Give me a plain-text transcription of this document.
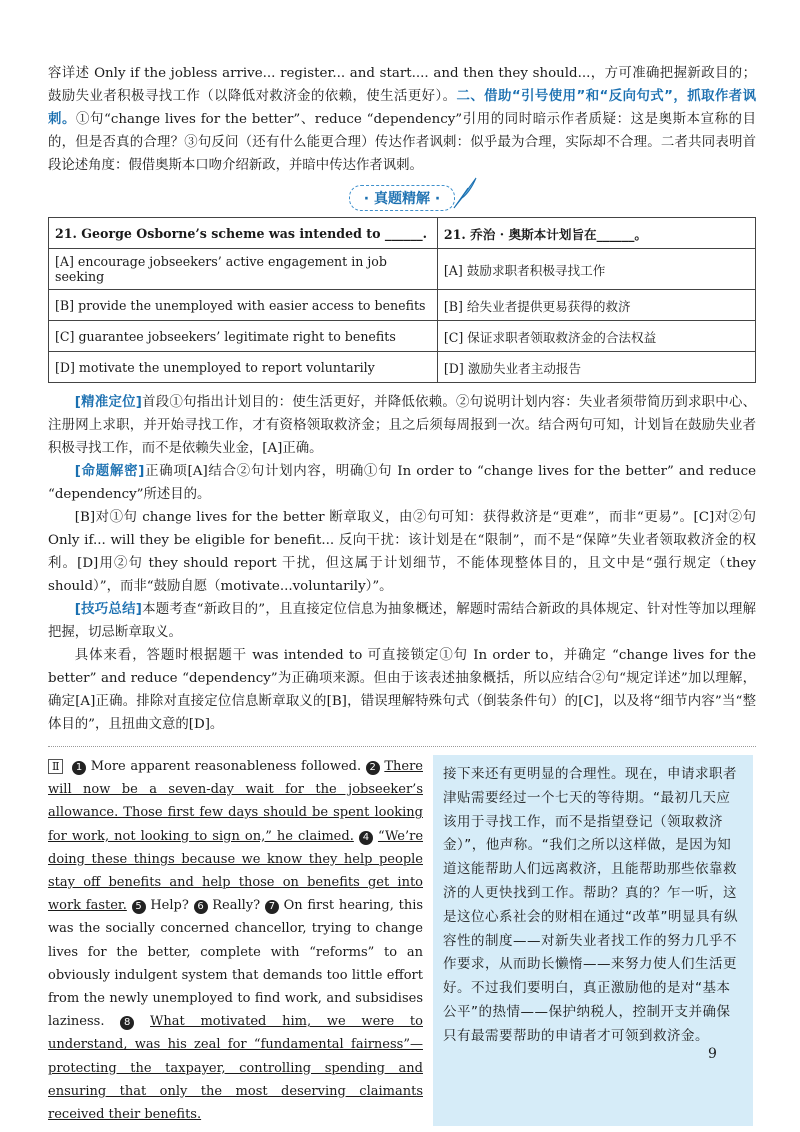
容详述 Only if the jobless arrive... register... and start.... and then they should...，方可准确把握新政目的；鼓励失业者积极寻找工作（以降低对救济金的依赖，使生活更好）。二、借助“引号使用”和“反向句式”，抓取作者讽刺。①句“change lives for the better”、reduce “dependency”引用的同时暗示作者质疑：这是奥斯本宣称的目的，但是否真的合理？③句反问（还有什么能更合理）传达作者讽刺：似乎最为合理，实际却不合理。二者共同表明首段论述角度：假借奥斯本口吻介绍新政，并暗中传达作者讽刺。

· 真题精解 ·
21. George Osborne’s scheme was intended to ______.	21. 乔治 · 奥斯本计划旨在______。
[A] encourage jobseekers’ active engagement in job seeking	[A] 鼓励求职者积极寻找工作
[B] provide the unemployed with easier access to benefits	[B] 给失业者提供更易获得的救济
[C] guarantee jobseekers’ legitimate right to benefits	[C] 保证求职者领取救济金的合法权益
[D] motivate the unemployed to report voluntarily	[D] 激励失业者主动报告

[精准定位]首段①句指出计划目的：使生活更好，并降低依赖。②句说明计划内容：失业者须带简历到求职中心、注册网上求职，并开始寻找工作，才有资格领取救济金；且之后须每周报到一次。结合两句可知，计划旨在鼓励失业者积极寻找工作，而不是依赖失业金，[A]正确。

[命题解密]正确项[A]结合②句计划内容，明确①句 In order to “change lives for the better” and reduce “dependency”所述目的。

[B]对①句 change lives for the better 断章取义，由②句可知：获得救济是“更难”，而非“更易”。[C]对②句 Only if... will they be eligible for benefit... 反向干扰：该计划是在“限制”，而不是“保障”失业者领取救济金的权利。[D]用②句 they should report 干扰，但这属于计划细节，不能体现整体目的，且文中是“强行规定（they should）”，而非“鼓励自愿（motivate...voluntarily）”。

[技巧总结]本题考查“新政目的”，且直接定位信息为抽象概述，解题时需结合新政的具体规定、针对性等加以理解把握，切忌断章取义。

具体来看，答题时根据题干 was intended to 可直接锁定①句 In order to，并确定 “change lives for the better” and reduce “dependency”为正确项来源。但由于该表述抽象概括，所以应结合②句“规定详述”加以理解，确定[A]正确。排除对直接定位信息断章取义的[B]，错误理解特殊句式（倒装条件句）的[C]，以及将“细节内容”当“整体目的”，且扭曲文意的[D]。

Ⅱ 1 More apparent reasonableness followed. 2 There will now be a seven-day wait for the jobseeker’s allowance. Those first few days should be spent looking for work, not looking to sign on,” he claimed. 4 “We’re doing these things because we know they help people stay off benefits and help those on benefits get into work faster. 5 Help? 6 Really? 7 On first hearing, this was the socially concerned chancellor, trying to change lives for the better, complete with “reforms” to an obviously indulgent system that demands too little effort from the newly unemployed to find work, and subsidises laziness. 8 What motivated him, we were to understand, was his zeal for “fundamental fairness”— protecting the taxpayer, controlling spending and ensuring that only the most deserving claimants received their benefits.
接下来还有更明显的合理性。现在，申请求职者津贴需要经过一个七天的等待期。“最初几天应该用于寻找工作，而不是指望登记（领取救济金）”，他声称。“我们之所以这样做，是因为知道这能帮助人们远离救济，且能帮助那些依靠救济的人更快找到工作。帮助？真的？乍一听，这是这位心系社会的财相在通过“改革”明显具有纵容性的制度——对新失业者找工作的努力几乎不作要求，从而助长懒惰——来努力使人们生活更好。不过我们要明白，真正激励他的是对“基本公平”的热情——保护纳税人，控制开支并确保只有最需要帮助的申请者才可领到救济金。
9
